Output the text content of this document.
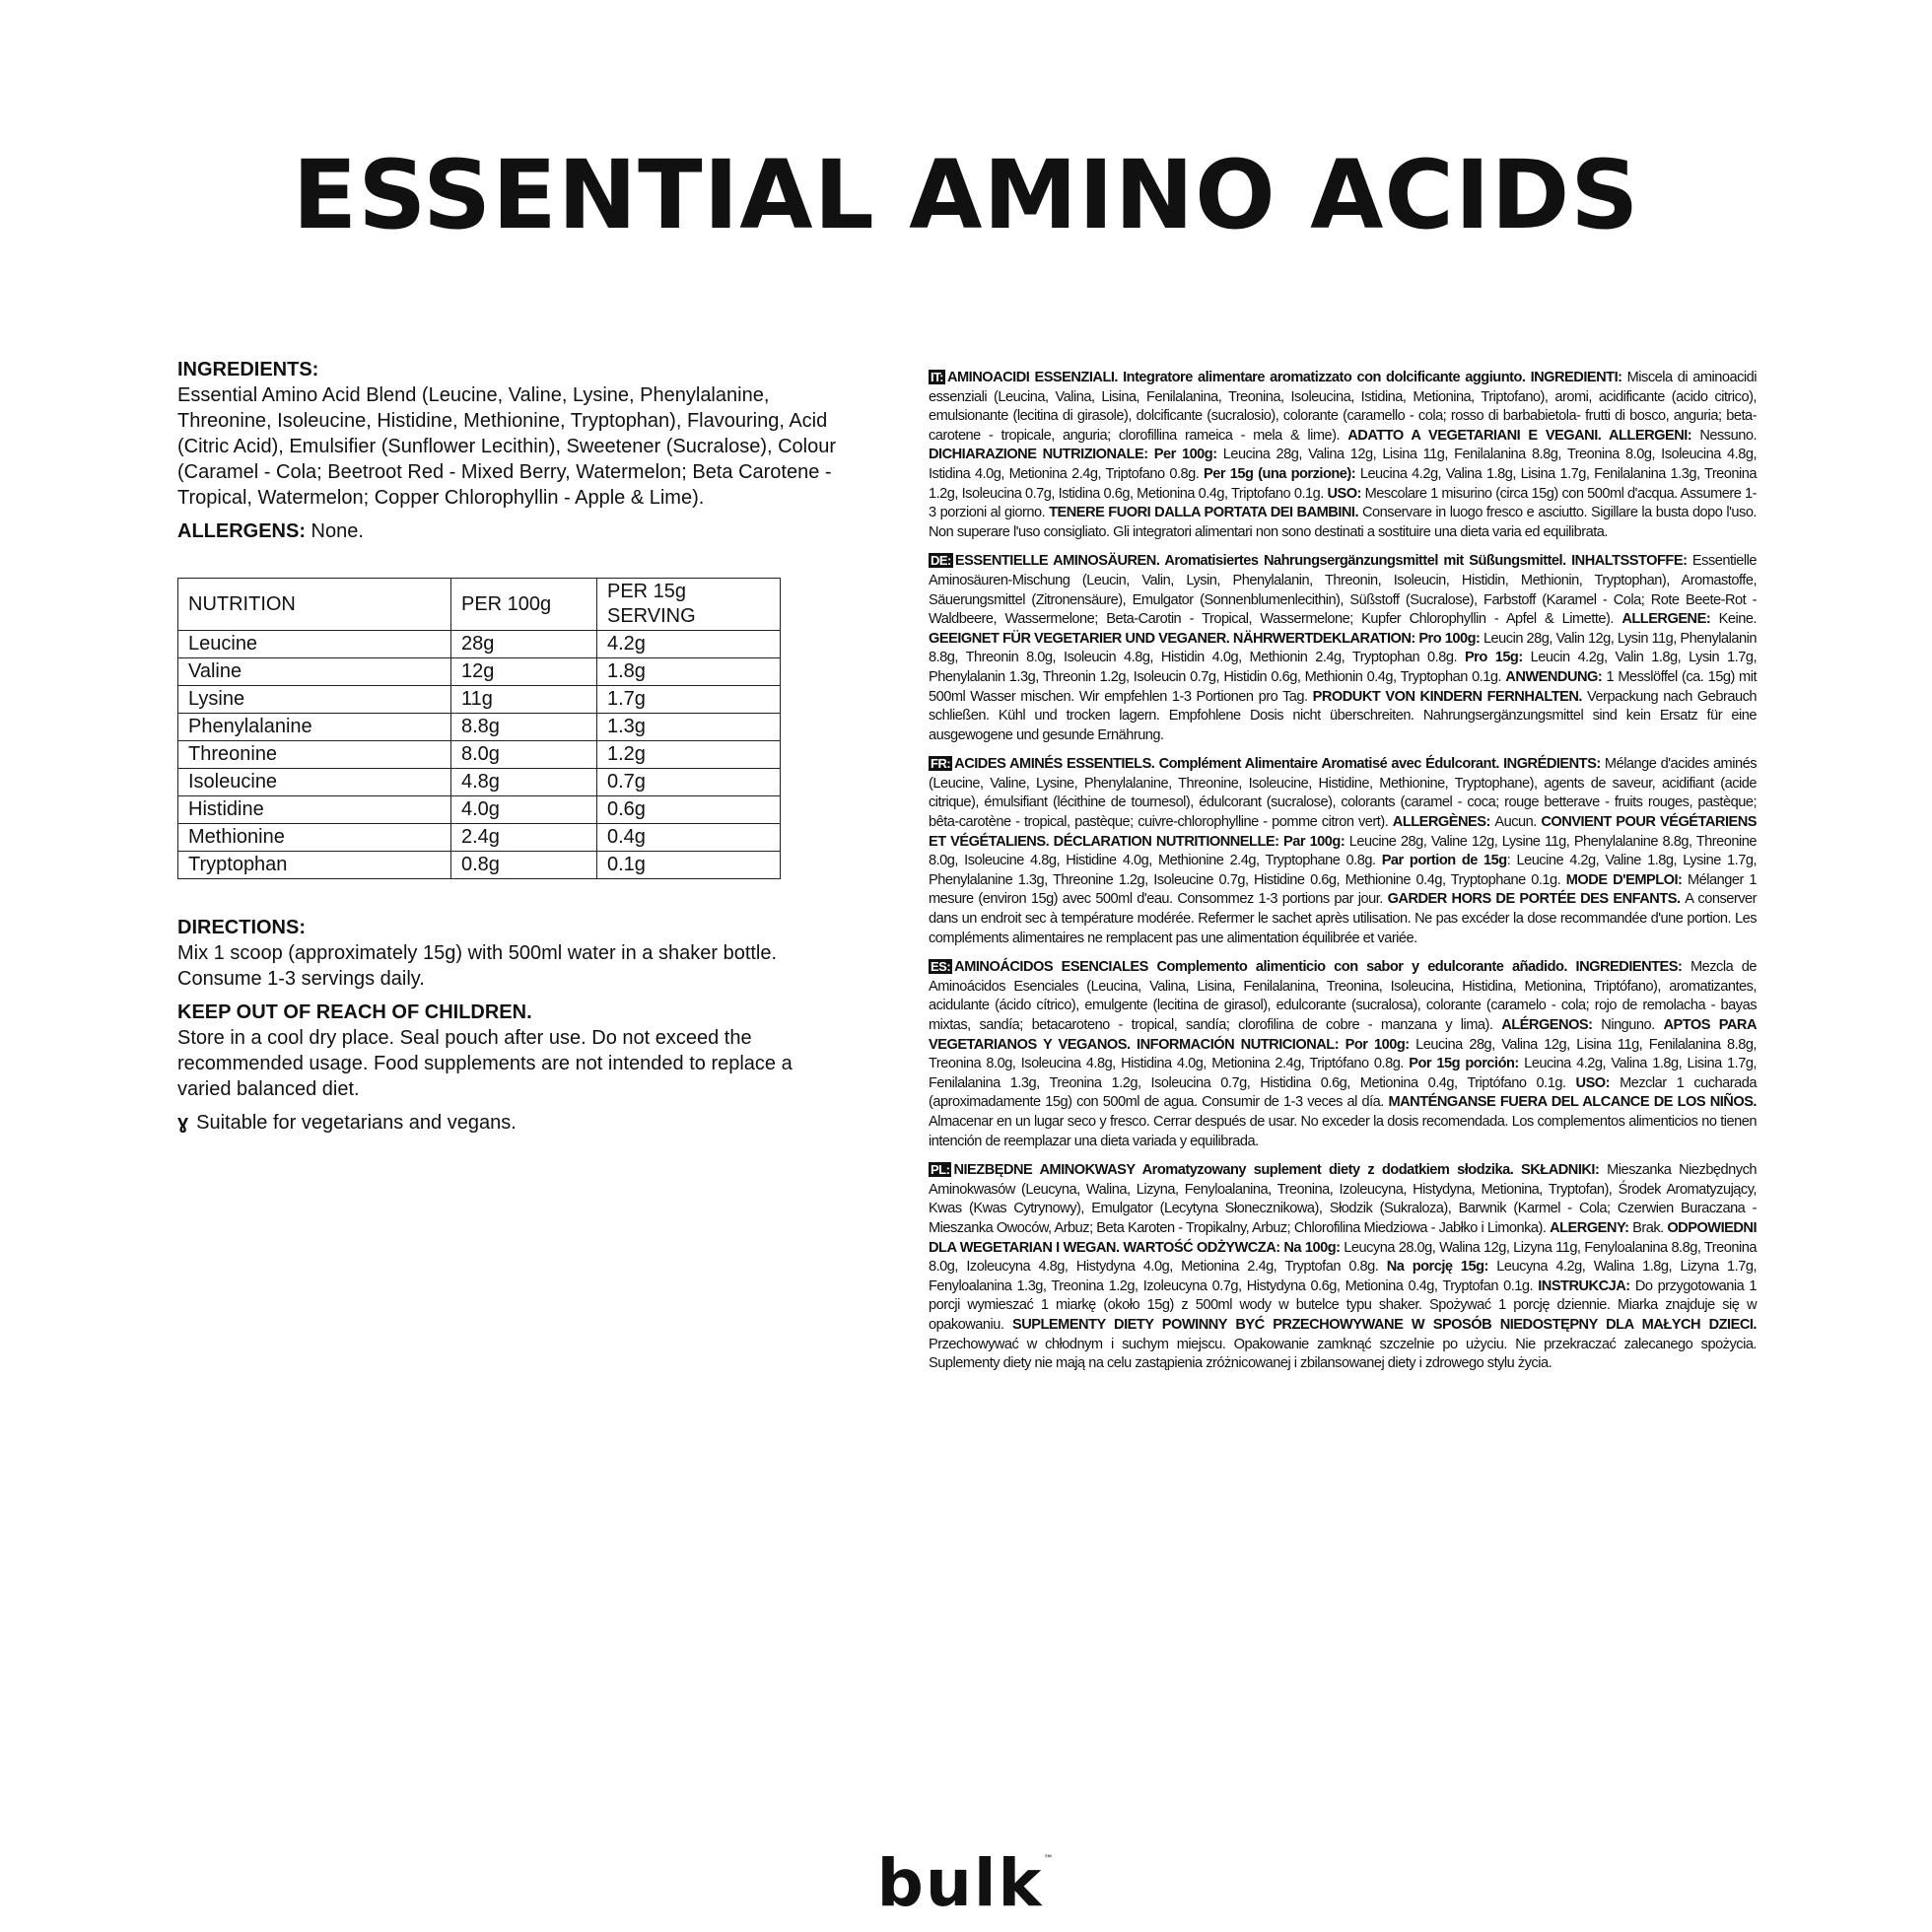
ESSENTIAL AMINO ACIDS
INGREDIENTS:

Essential Amino Acid Blend (Leucine, Valine, Lysine, Phenylalanine, Threonine, Isoleucine, Histidine, Methionine, Tryptophan), Flavouring, Acid (Citric Acid), Emulsifier (Sunflower Lecithin), Sweetener (Sucralose), Colour (Caramel - Cola; Beetroot Red - Mixed Berry, Watermelon; Beta Carotene - Tropical, Watermelon; Copper Chlorophyllin - Apple & Lime).

ALLERGENS: None.

NUTRITION	PER 100g	PER 15g SERVING
Leucine	28g	4.2g
Valine	12g	1.8g
Lysine	11g	1.7g
Phenylalanine	8.8g	1.3g
Threonine	8.0g	1.2g
Isoleucine	4.8g	0.7g
Histidine	4.0g	0.6g
Methionine	2.4g	0.4g
Tryptophan	0.8g	0.1g
DIRECTIONS:

Mix 1 scoop (approximately 15g) with 500ml water in a shaker bottle. Consume 1-3 servings daily.

KEEP OUT OF REACH OF CHILDREN.

Store in a cool dry place. Seal pouch after use. Do not exceed the recommended usage. Food supplements are not intended to replace a varied balanced diet.

ɣ Suitable for vegetarians and vegans.

IT: AMINOACIDI ESSENZIALI. Integratore alimentare aromatizzato con dolcificante aggiunto. INGREDIENTI: Miscela di aminoacidi essenziali (Leucina, Valina, Lisina, Fenilalanina, Treonina, Isoleucina, Istidina, Metionina, Triptofano), aromi, acidificante (acido citrico), emulsionante (lecitina di girasole), dolcificante (sucralosio), colorante (caramello - cola; rosso di barbabietola- frutti di bosco, anguria; beta-carotene - tropicale, anguria; clorofillina rameica - mela & lime). ADATTO A VEGETARIANI E VEGANI. ALLERGENI: Nessuno. DICHIARAZIONE NUTRIZIONALE: Per 100g: Leucina 28g, Valina 12g, Lisina 11g, Fenilalanina 8.8g, Treonina 8.0g, Isoleucina 4.8g, Istidina 4.0g, Metionina 2.4g, Triptofano 0.8g. Per 15g (una porzione): Leucina 4.2g, Valina 1.8g, Lisina 1.7g, Fenilalanina 1.3g, Treonina 1.2g, Isoleucina 0.7g, Istidina 0.6g, Metionina 0.4g, Triptofano 0.1g. USO: Mescolare 1 misurino (circa 15g) con 500ml d'acqua. Assumere 1-3 porzioni al giorno. TENERE FUORI DALLA PORTATA DEI BAMBINI. Conservare in luogo fresco e asciutto. Sigillare la busta dopo l'uso. Non superare l'uso consigliato. Gli integratori alimentari non sono destinati a sostituire una dieta varia ed equilibrata.

DE: ESSENTIELLE AMINOSÄUREN. Aromatisiertes Nahrungsergänzungsmittel mit Süßungsmittel. INHALTSSTOFFE: Essentielle Aminosäuren-Mischung (Leucin, Valin, Lysin, Phenylalanin, Threonin, Isoleucin, Histidin, Methionin, Tryptophan), Aromastoffe, Säuerungsmittel (Zitronensäure), Emulgator (Sonnenblumenlecithin), Süßstoff (Sucralose), Farbstoff (Karamel - Cola; Rote Beete-Rot - Waldbeere, Wassermelone; Beta-Carotin - Tropical, Wassermelone; Kupfer Chlorophyllin - Apfel & Limette). ALLERGENE: Keine. GEEIGNET FÜR VEGETARIER UND VEGANER. NÄHRWERTDEKLARATION: Pro 100g: Leucin 28g, Valin 12g, Lysin 11g, Phenylalanin 8.8g, Threonin 8.0g, Isoleucin 4.8g, Histidin 4.0g, Methionin 2.4g, Tryptophan 0.8g. Pro 15g: Leucin 4.2g, Valin 1.8g, Lysin 1.7g, Phenylalanin 1.3g, Threonin 1.2g, Isoleucin 0.7g, Histidin 0.6g, Methionin 0.4g, Tryptophan 0.1g. ANWENDUNG: 1 Messlöffel (ca. 15g) mit 500ml Wasser mischen. Wir empfehlen 1-3 Portionen pro Tag. PRODUKT VON KINDERN FERNHALTEN. Verpackung nach Gebrauch schließen. Kühl und trocken lagern. Empfohlene Dosis nicht überschreiten. Nahrungsergänzungsmittel sind kein Ersatz für eine ausgewogene und gesunde Ernährung.

FR: ACIDES AMINÉS ESSENTIELS. Complément Alimentaire Aromatisé avec Édulcorant. INGRÉDIENTS: Mélange d'acides aminés (Leucine, Valine, Lysine, Phenylalanine, Threonine, Isoleucine, Histidine, Methionine, Tryptophane), agents de saveur, acidifiant (acide citrique), émulsifiant (lécithine de tournesol), édulcorant (sucralose), colorants (caramel - coca; rouge betterave - fruits rouges, pastèque; bêta-carotène - tropical, pastèque; cuivre-chlorophylline - pomme citron vert). ALLERGÈNES: Aucun. CONVIENT POUR VÉGÉTARIENS ET VÉGÉTALIENS. DÉCLARATION NUTRITIONNELLE: Par 100g: Leucine 28g, Valine 12g, Lysine 11g, Phenylalanine 8.8g, Threonine 8.0g, Isoleucine 4.8g, Histidine 4.0g, Methionine 2.4g, Tryptophane 0.8g. Par portion de 15g: Leucine 4.2g, Valine 1.8g, Lysine 1.7g, Phenylalanine 1.3g, Threonine 1.2g, Isoleucine 0.7g, Histidine 0.6g, Methionine 0.4g, Tryptophane 0.1g. MODE D'EMPLOI: Mélanger 1 mesure (environ 15g) avec 500ml d'eau. Consommez 1-3 portions par jour. GARDER HORS DE PORTÉE DES ENFANTS. A conserver dans un endroit sec à température modérée. Refermer le sachet après utilisation. Ne pas excéder la dose recommandée d'une portion. Les compléments alimentaires ne remplacent pas une alimentation équilibrée et variée.

ES: AMINOÁCIDOS ESENCIALES Complemento alimenticio con sabor y edulcorante añadido. INGREDIENTES: Mezcla de Aminoácidos Esenciales (Leucina, Valina, Lisina, Fenilalanina, Treonina, Isoleucina, Histidina, Metionina, Triptófano), aromatizantes, acidulante (ácido cítrico), emulgente (lecitina de girasol), edulcorante (sucralosa), colorante (caramelo - cola; rojo de remolacha - bayas mixtas, sandía; betacaroteno - tropical, sandía; clorofilina de cobre - manzana y lima). ALÉRGENOS: Ninguno. APTOS PARA VEGETARIANOS Y VEGANOS. INFORMACIÓN NUTRICIONAL: Por 100g: Leucina 28g, Valina 12g, Lisina 11g, Fenilalanina 8.8g, Treonina 8.0g, Isoleucina 4.8g, Histidina 4.0g, Metionina 2.4g, Triptófano 0.8g. Por 15g porción: Leucina 4.2g, Valina 1.8g, Lisina 1.7g, Fenilalanina 1.3g, Treonina 1.2g, Isoleucina 0.7g, Histidina 0.6g, Metionina 0.4g, Triptófano 0.1g. USO: Mezclar 1 cucharada (aproximadamente 15g) con 500ml de agua. Consumir de 1-3 veces al día. MANTÉNGANSE FUERA DEL ALCANCE DE LOS NIÑOS. Almacenar en un lugar seco y fresco. Cerrar después de usar. No exceder la dosis recomendada. Los complementos alimenticios no tienen intención de reemplazar una dieta variada y equilibrada.

PL: NIEZBĘDNE AMINOKWASY Aromatyzowany suplement diety z dodatkiem słodzika. SKŁADNIKI: Mieszanka Niezbędnych Aminokwasów (Leucyna, Walina, Lizyna, Fenyloalanina, Treonina, Izoleucyna, Histydyna, Metionina, Tryptofan), Środek Aromatyzujący, Kwas (Kwas Cytrynowy), Emulgator (Lecytyna Słonecznikowa), Słodzik (Sukraloza), Barwnik (Karmel - Cola; Czerwien Buraczana - Mieszanka Owoców, Arbuz; Beta Karoten - Tropikalny, Arbuz; Chlorofilina Miedziowa - Jabłko i Limonka). ALERGENY: Brak. ODPOWIEDNI DLA WEGETARIAN I WEGAN. WARTOŚĆ ODŻYWCZA: Na 100g: Leucyna 28.0g, Walina 12g, Lizyna 11g, Fenyloalanina 8.8g, Treonina 8.0g, Izoleucyna 4.8g, Histydyna 4.0g, Metionina 2.4g, Tryptofan 0.8g. Na porcję 15g: Leucyna 4.2g, Walina 1.8g, Lizyna 1.7g, Fenyloalanina 1.3g, Treonina 1.2g, Izoleucyna 0.7g, Histydyna 0.6g, Metionina 0.4g, Tryptofan 0.1g. INSTRUKCJA: Do przygotowania 1 porcji wymieszać 1 miarkę (około 15g) z 500ml wody w butelce typu shaker. Spożywać 1 porcję dziennie. Miarka znajduje się w opakowaniu. SUPLEMENTY DIETY POWINNY BYĆ PRZECHOWYWANE W SPOSÓB NIEDOSTĘPNY DLA MAŁYCH DZIECI. Przechowywać w chłodnym i suchym miejscu. Opakowanie zamknąć szczelnie po użyciu. Nie przekraczać zalecanego spożycia. Suplementy diety nie mają na celu zastąpienia zróżnicowanej i zbilansowanej diety i zdrowego stylu życia.

bulk™
